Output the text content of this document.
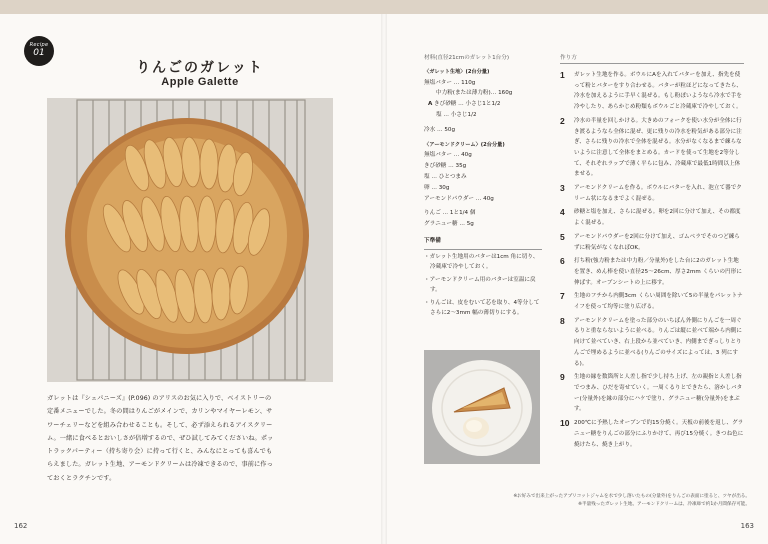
Recipe
01
りんごのガレット
Apple Galette
ガレットは『シェパニーズ』(P.096) のアリスのお気に入りで、ベイストリーの
定番メニューでした。冬の間はりんごがメインで、カリンやマイヤーレモン、サ
ワーチェリーなどを組み合わせることも。そして、必ず添えられるアイスクリー
ム。一緒に食べるとおいしさが倍増するので、ぜひ試してみてくださいね。ポッ
トラックパーティー（持ち寄り会）に持って行くと、みんなにとっても喜んでも
らえました。ガレット生地、アーモンドクリームは冷凍できるので、事前に作っ
ておくとラクチンです。
162
材料(直径21cmのガレット1台分)
〈ガレット生地〉(2台分量)
無塩バター … 110g
中力粉(または薄力粉)… 160g
A きび砂糖 … 小さじ1と1/2
塩 … 小さじ1/2
冷水 … 50g
〈アーモンドクリーム〉(2台分量)
無塩バター … 40g
きび砂糖 … 35g
塩 … ひとつまみ
卵 … 30g
アーモンドパウダー … 40g
りんご … 1と1/4 個
グラニュー糖 … 5g
下準備
・ガレット生地用のバターは1cm 角に切り、冷蔵庫で冷やしておく。
・アーモンドクリーム用のバターは室温に戻す。
・りんごは、皮をむいて芯を取り、4等分してさらに2〜3mm 幅の薄切りにする。
作り方
1	ガレット生地を作る。ボウルにAを入れてバターを加え、指先を使って粉とバターをすり合わせる。バターが粒ほどになってきたら、冷水を加えるように手早く混ぜる。もし粉ぽいようなら冷水で手を冷やしたり、あらかじめ粉類もボウルごと冷蔵庫で冷やしておく。
2	冷水の半量を回しかける。大きめのフォークを使い水分が全体に行き渡るようなら全体に混ぜ、更に残りの冷水を粉気がある部分に注ぎ、さらに残りの冷水で全体を混ぜる。水分がなくなるまで練らないように注意して全体をまとめる。カードを使って生地を2等分して、それぞれラップで薄く平らに包み、冷蔵庫で最低1時間以上休ませる。
3	アーモンドクリームを作る。ボウルにバターを入れ、泡立て器でクリーム状になるまでよく混ぜる。
4	砂糖と塩を加え、さらに混ぜる。卵を2回に分けて加え、その都度よく混ぜる。
5	アーモンドパウダーを2回に分けて加え、ゴムベラでそのつど練らずに粉気がなくなればOK。
6	打ち粉(強力粉または中力粉／分量外)をした台に2のガレット生地を置き、めん棒を使い直径25〜26cm、厚さ2mm くらいの円形に伸ばす。オーブンシートの上に移す。
7	生地のフチから内側3cm くらい周囲を除いて5の半量をパレットナイフを使って均等に塗り広げる。
8	アーモンドクリームを塗った部分のいちばん外側にりんごを一周ぐるりと重ならないように並べる。りんごは縦に並べて端から内側に向けて並べていき、右上段から並べていき、内側までぎっしりとりんごで埋めるように並べる(りんごのサイズによっては、3 列にする)。
9	生地の縁を数箇所と人差し指で少し持ち上げ、左の親指と人差し指でつまみ、ひだを寄せていく。一周くるりとできたら、溶かしバター(分量外)を縁の部分にハケで塗り、グラニュー糖(分量外)をまぶす。
10 200℃に予熱したオーブンで約15分焼く。天板の前後を返し、グラニュー糖をりんごの部分にふりかけて、再び15分焼く。きつね色に焼けたら、焼き上がり。
※お好みで出来上がったアプリコットジャムを水で少し溶いたもの(分量外)をりんごの表面に塗ると、ツヤが出る。
※半量残ったガレット生地、アーモンドクリームは、冷凍庫で約1か月間保存可能。
163
